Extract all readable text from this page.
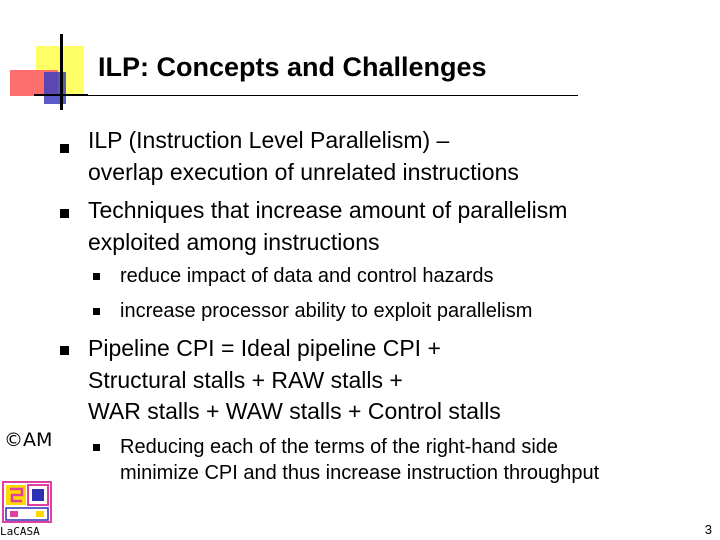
ILP: Concepts and Challenges
ILP (Instruction Level Parallelism) –
overlap execution of unrelated instructions
Techniques that increase amount of parallelism
exploited among instructions
reduce impact of data and control hazards
increase processor ability to exploit parallelism
Pipeline CPI = Ideal pipeline CPI +
Structural stalls + RAW stalls +
WAR stalls + WAW stalls + Control stalls
Reducing each of the terms of the right-hand side
minimize CPI and thus increase instruction throughput
©AM
LaCASA	3
